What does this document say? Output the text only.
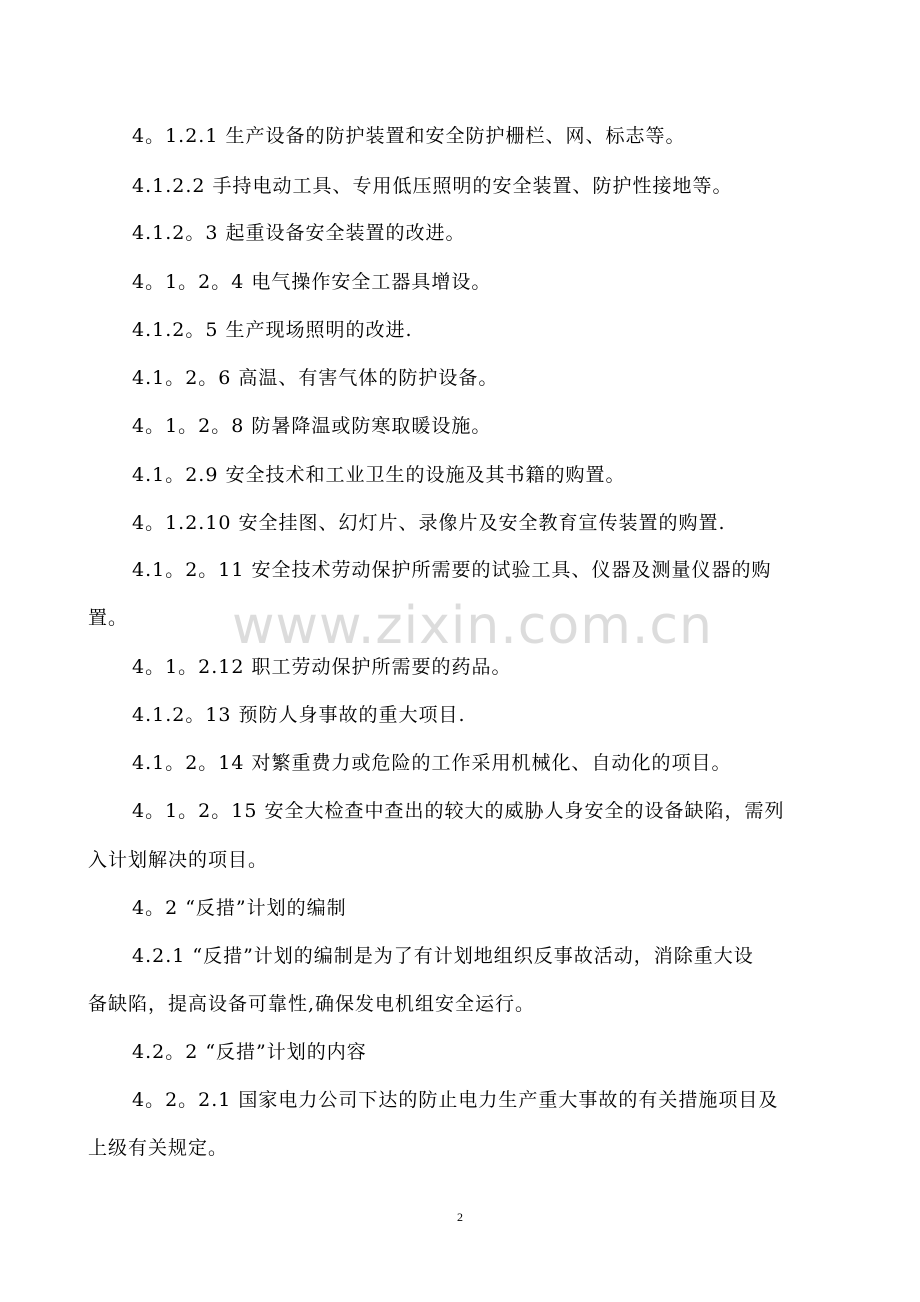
www.zixin.com.cn
4。1.2.1 生产设备的防护装置和安全防护栅栏、网、标志等。
4.1.2.2 手持电动工具、专用低压照明的安全装置、防护性接地等。
4.1.2。3 起重设备安全装置的改进。
4。1。2。4 电气操作安全工器具增设。
4.1.2。5 生产现场照明的改进.
4.1。2。6 高温、有害气体的防护设备。
4。1。2。8 防暑降温或防寒取暖设施。
4.1。2.9 安全技术和工业卫生的设施及其书籍的购置。
4。1.2.10 安全挂图、幻灯片、录像片及安全教育宣传装置的购置.
4.1。2。11 安全技术劳动保护所需要的试验工具、仪器及测量仪器的购
置。
4。1。2.12 职工劳动保护所需要的药品。
4.1.2。13 预防人身事故的重大项目.
4.1。2。14 对繁重费力或危险的工作采用机械化、自动化的项目。
4。1。2。15 安全大检查中查出的较大的威胁人身安全的设备缺陷，需列
入计划解决的项目。
4。2 “反措”计划的编制
4.2.1 “反措”计划的编制是为了有计划地组织反事故活动，消除重大设
备缺陷，提高设备可靠性,确保发电机组安全运行。
4.2。2 “反措”计划的内容
4。2。2.1 国家电力公司下达的防止电力生产重大事故的有关措施项目及
上级有关规定。
2
